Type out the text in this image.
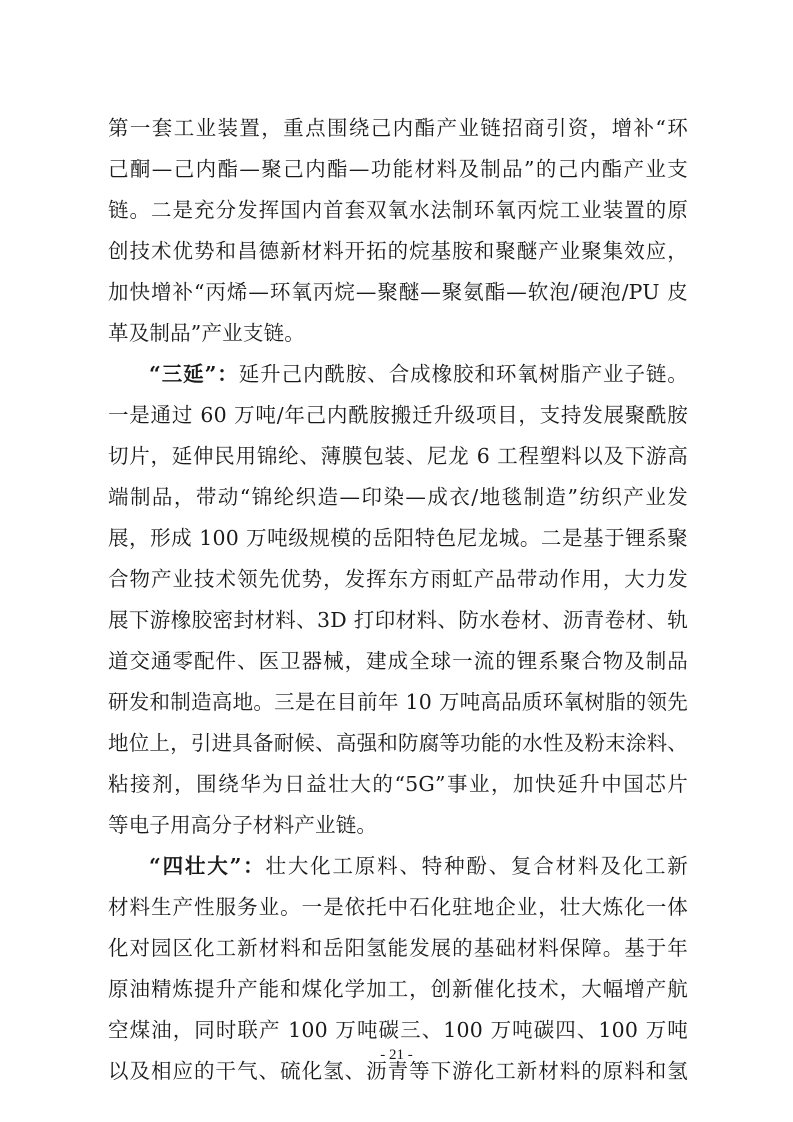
第一套工业装置，重点围绕己内酯产业链招商引资，增补“环
己酮—己内酯—聚己内酯—功能材料及制品”的己内酯产业支
链。二是充分发挥国内首套双氧水法制环氧丙烷工业装置的原
创技术优势和昌德新材料开拓的烷基胺和聚醚产业聚集效应，
加快增补“丙烯—环氧丙烷—聚醚—聚氨酯—软泡/硬泡/PU 皮
革及制品”产业支链。
“三延”：延升己内酰胺、合成橡胶和环氧树脂产业子链。
一是通过 60 万吨/年己内酰胺搬迁升级项目，支持发展聚酰胺
切片，延伸民用锦纶、薄膜包装、尼龙 6 工程塑料以及下游高
端制品，带动“锦纶织造—印染—成衣/地毯制造”纺织产业发
展，形成 100 万吨级规模的岳阳特色尼龙城。二是基于锂系聚
合物产业技术领先优势，发挥东方雨虹产品带动作用，大力发
展下游橡胶密封材料、3D 打印材料、防水卷材、沥青卷材、轨
道交通零配件、医卫器械，建成全球一流的锂系聚合物及制品
研发和制造高地。三是在目前年 10 万吨高品质环氧树脂的领先
地位上，引进具备耐候、高强和防腐等功能的水性及粉末涂料、
粘接剂，围绕华为日益壮大的“5G”事业，加快延升中国芯片
等电子用高分子材料产业链。
“四壮大”：壮大化工原料、特种酚、复合材料及化工新
材料生产性服务业。一是依托中石化驻地企业，壮大炼化一体
化对园区化工新材料和岳阳氢能发展的基础材料保障。基于年
原油精炼提升产能和煤化学加工，创新催化技术，大幅增产航
空煤油，同时联产 100 万吨碳三、100 万吨碳四、100 万吨
以及相应的干气、硫化氢、沥青等下游化工新材料的原料和氢
- 21 -
